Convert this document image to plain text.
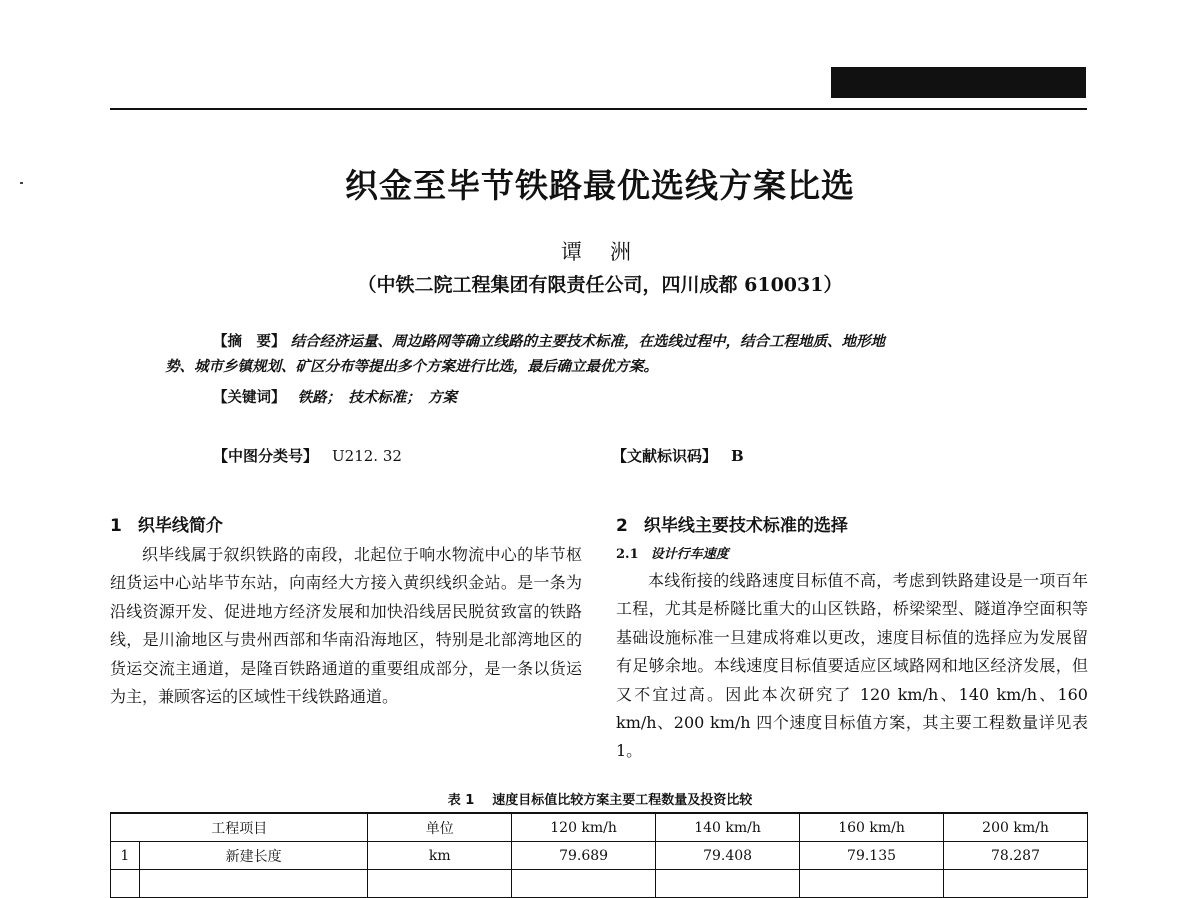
织金至毕节铁路最优选线方案比选
谭洲
（中铁二院工程集团有限责任公司，四川成都 610031）

【摘　要】 结合经济运量、周边路网等确立线路的主要技术标准，在选线过程中，结合工程地质、地形地

势、城市乡镇规划、矿区分布等提出多个方案进行比选，最后确立最优方案。
【关键词】 铁路；　技术标准；　方案
【中图分类号】 U212. 32	【文献标识码】 B
1 织毕线简介
织毕线属于叙织铁路的南段，北起位于响水物流中心的毕节枢纽货运中心站毕节东站，向南经大方接入黄织线织金站。是一条为沿线资源开发、促进地方经济发展和加快沿线居民脱贫致富的铁路线，是川渝地区与贵州西部和华南沿海地区，特别是北部湾地区的货运交流主通道，是隆百铁路通道的重要组成部分，是一条以货运为主，兼顾客运的区域性干线铁路通道。
2 织毕线主要技术标准的选择
2.1 设计行车速度
本线衔接的线路速度目标值不高，考虑到铁路建设是一项百年工程，尤其是桥隧比重大的山区铁路，桥梁梁型、隧道净空面积等基础设施标准一旦建成将难以更改，速度目标值的选择应为发展留有足够余地。本线速度目标值要适应区域路网和地区经济发展，但又不宜过高。因此本次研究了 120 km/h、140 km/h、160 km/h、200 km/h 四个速度目标值方案，其主要工程数量详见表 1。
表 1 速度目标值比较方案主要工程数量及投资比较
工程项目		单位	120 km/h	140 km/h	160 km/h	200 km/h
1	新建长度	km	79.689	79.408	79.135	78.287
